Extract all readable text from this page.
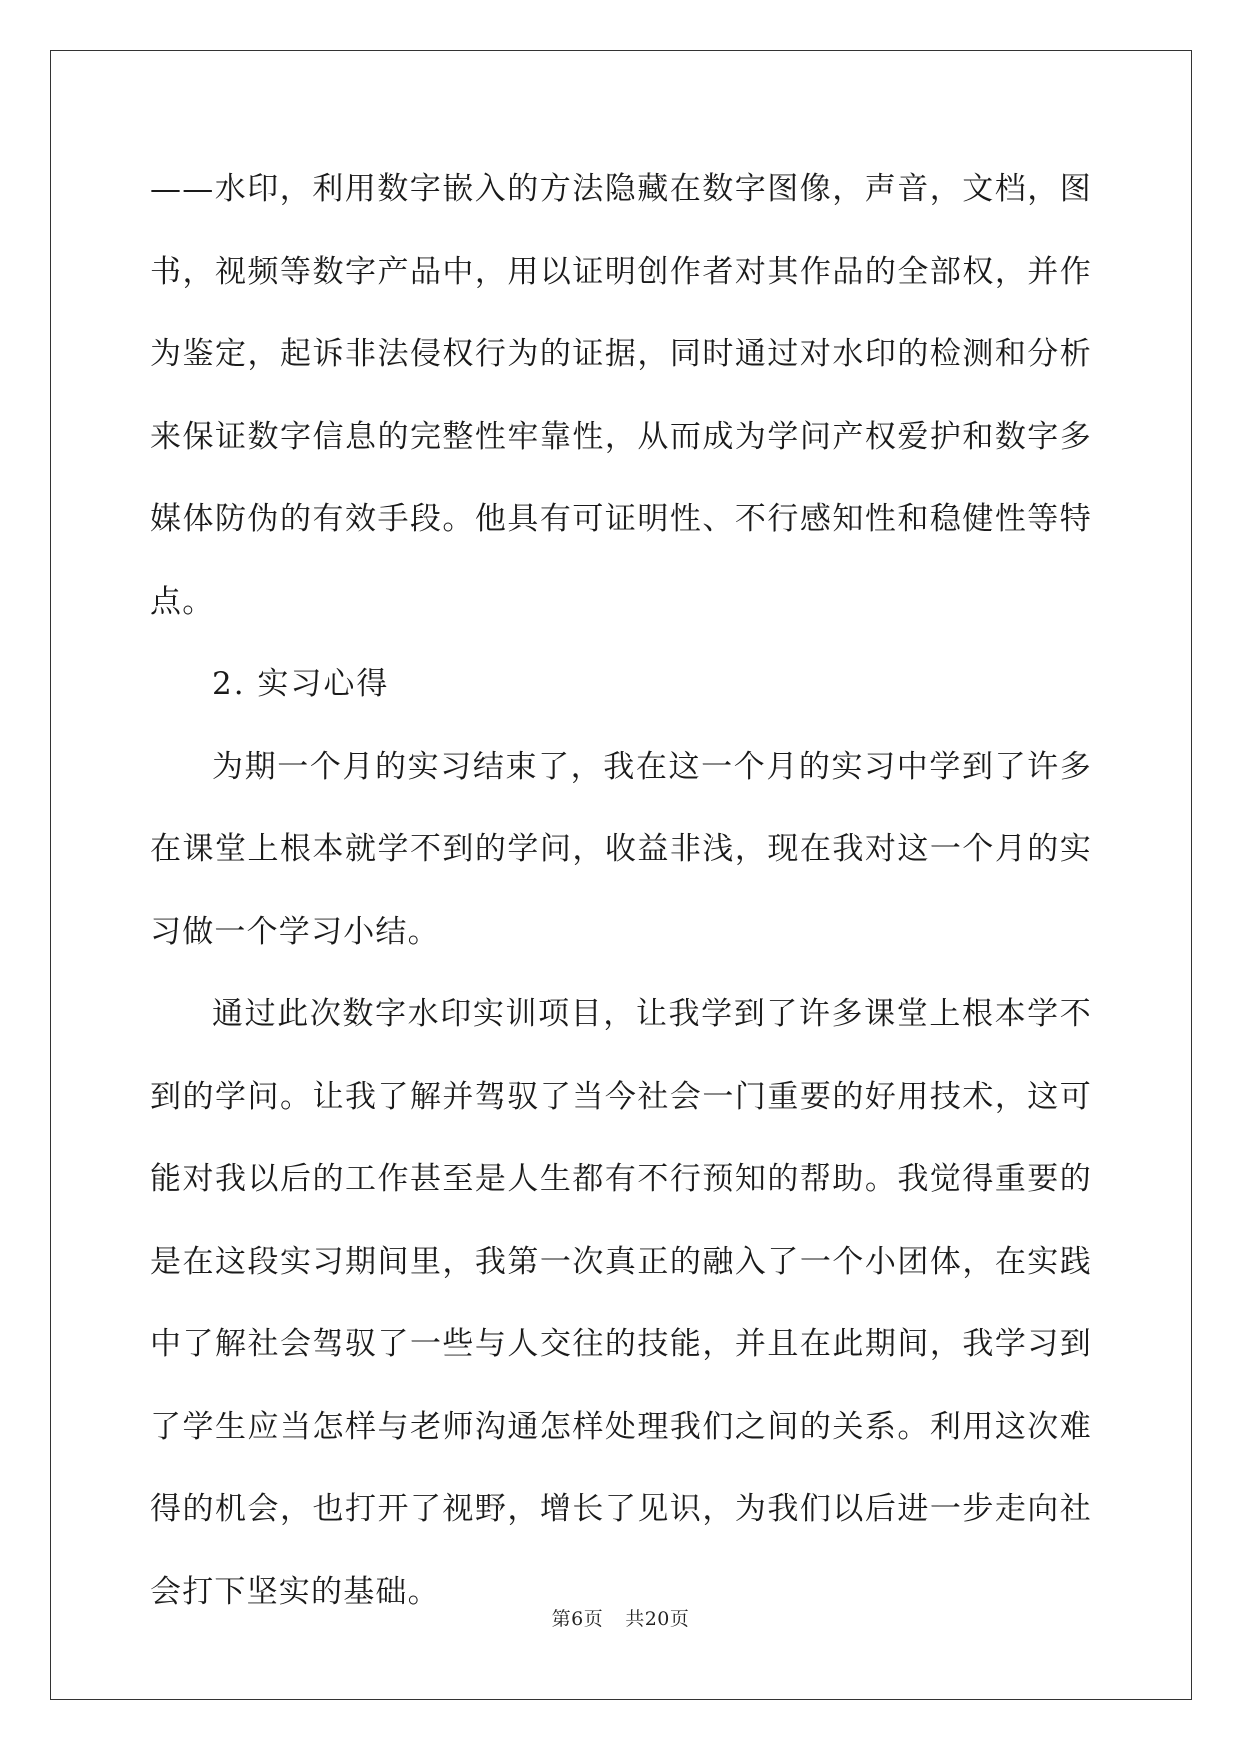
——水印，利用数字嵌入的方法隐藏在数字图像，声音，文档，图书，视频等数字产品中，用以证明创作者对其作品的全部权，并作为鉴定，起诉非法侵权行为的证据，同时通过对水印的检测和分析来保证数字信息的完整性牢靠性，从而成为学问产权爱护和数字多媒体防伪的有效手段。他具有可证明性、不行感知性和稳健性等特点。

2. 实习心得

为期一个月的实习结束了，我在这一个月的实习中学到了许多在课堂上根本就学不到的学问，收益非浅，现在我对这一个月的实习做一个学习小结。

通过此次数字水印实训项目，让我学到了许多课堂上根本学不到的学问。让我了解并驾驭了当今社会一门重要的好用技术，这可能对我以后的工作甚至是人生都有不行预知的帮助。我觉得重要的是在这段实习期间里，我第一次真正的融入了一个小团体，在实践中了解社会驾驭了一些与人交往的技能，并且在此期间，我学习到了学生应当怎样与老师沟通怎样处理我们之间的关系。利用这次难得的机会，也打开了视野，增长了见识，为我们以后进一步走向社会打下坚实的基础。

第6页 共20页
